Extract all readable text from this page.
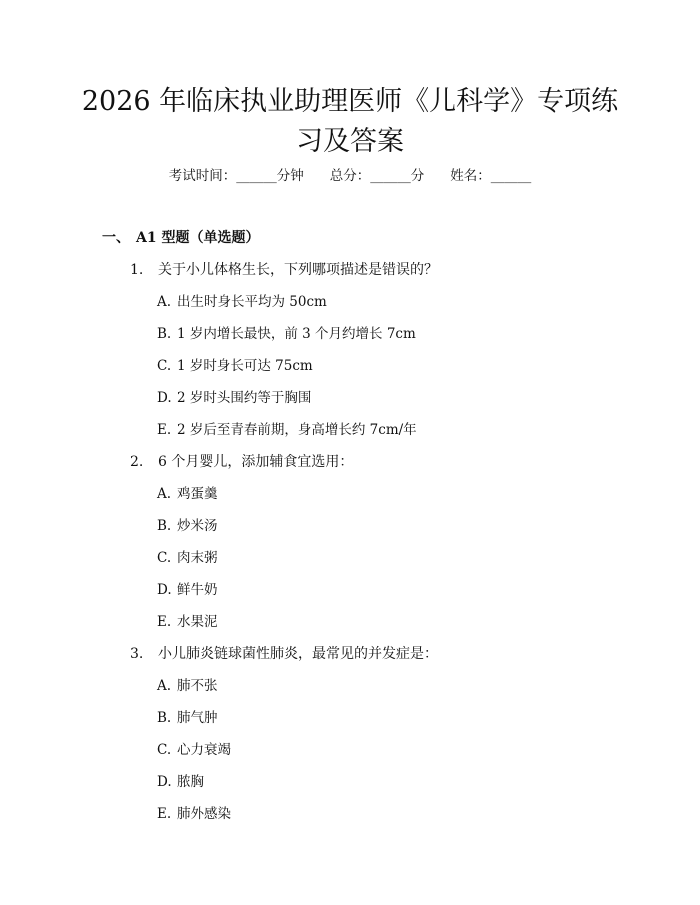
2026 年临床执业助理医师《儿科学》专项练
习及答案
考试时间：______分钟 总分：______分 姓名：______
一、 A1 型题（单选题）
1. 关于小儿体格生长，下列哪项描述是错误的？
A. 出生时身长平均为 50cm
B. 1 岁内增长最快，前 3 个月约增长 7cm
C. 1 岁时身长可达 75cm
D. 2 岁时头围约等于胸围
E. 2 岁后至青春前期，身高增长约 7cm/年
2. 6 个月婴儿，添加辅食宜选用：
A. 鸡蛋羹
B. 炒米汤
C. 肉末粥
D. 鲜牛奶
E. 水果泥
3. 小儿肺炎链球菌性肺炎，最常见的并发症是：
A. 肺不张
B. 肺气肿
C. 心力衰竭
D. 脓胸
E. 肺外感染
